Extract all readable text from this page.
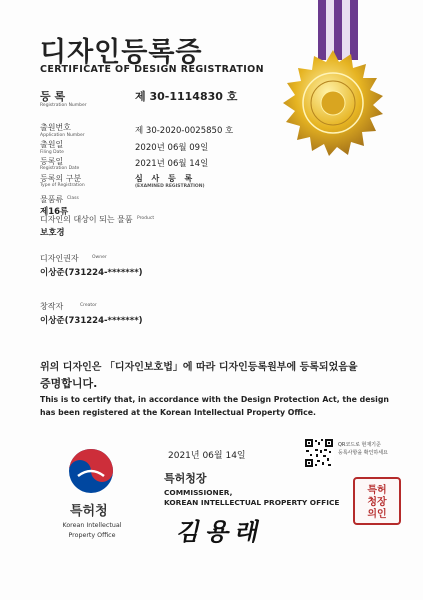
디자인등록증
CERTIFICATE OF DESIGN REGISTRATION
등 록
Registration Number
제 30-1114830 호
출원번호
Application Number	제 30-2020-0025850 호
출원일
Filing Date	2020년 06월 09일
등록일
Registration Date	2021년 06월 14일
등록의 구분
Type of Registration
심 사 등 록
(EXAMINED REGISTRATION)
물품류 Class
제16류
디자인의 대상이 되는 물품 Product
보호경
디자인권자	Owner
이상준(731224-*******)
창작자	Creator
이상준(731224-*******)
위의 디자인은 「디자인보호법」에 따라 디자인등록원부에 등록되었음을
증명합니다.
This is to certify that, in accordance with the Design Protection Act, the design
has been registered at the Korean Intellectual Property Office.
특허청
Korean Intellectual
Property Office
2021년 06월 14일
QR코드로 현재기준
등록사항을 확인하세요
특허청장
COMMISSIONER,
KOREAN INTELLECTUAL PROPERTY OFFICE
김용래
특허
청장
의인
